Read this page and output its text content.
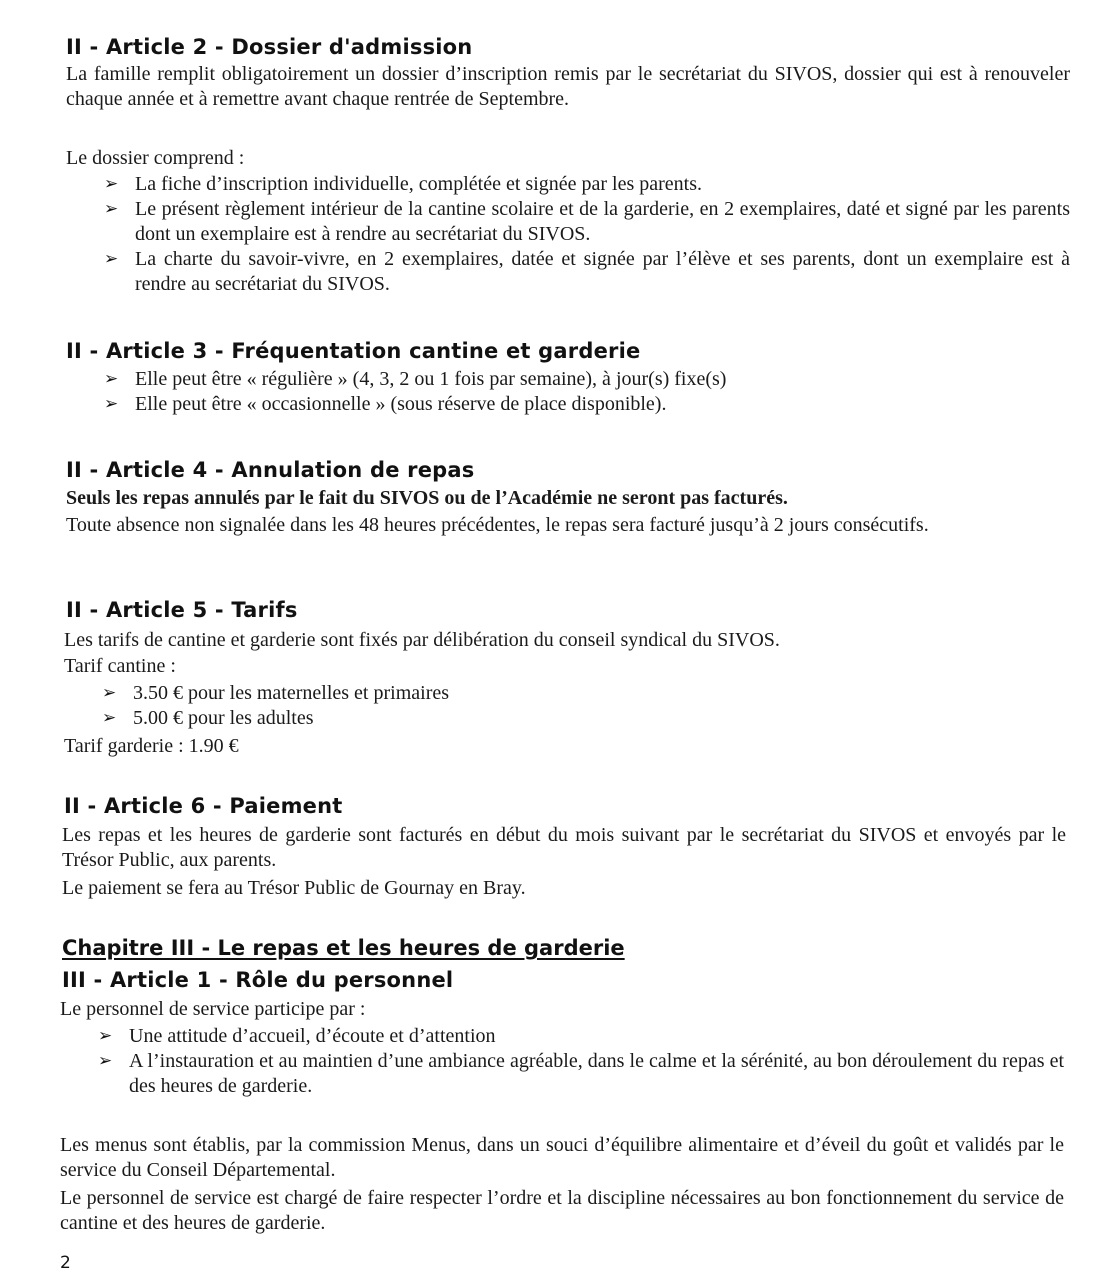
II - Article 2 - Dossier d'admission
La famille remplit obligatoirement un dossier d’inscription remis par le secrétariat du SIVOS, dossier qui est à renouveler chaque année et à remettre avant chaque rentrée de Septembre.
Le dossier comprend :
➢ La fiche d’inscription individuelle, complétée et signée par les parents.
➢ Le présent règlement intérieur de la cantine scolaire et de la garderie, en 2 exemplaires, daté et signé par les parents dont un exemplaire est à rendre au secrétariat du SIVOS.
➢ La charte du savoir-vivre, en 2 exemplaires, datée et signée par l’élève et ses parents, dont un exemplaire est à rendre au secrétariat du SIVOS.
II - Article 3 - Fréquentation cantine et garderie
➢ Elle peut être « régulière » (4, 3, 2 ou 1 fois par semaine), à jour(s) fixe(s)
➢ Elle peut être « occasionnelle » (sous réserve de place disponible).
II - Article 4 - Annulation de repas
Seuls les repas annulés par le fait du SIVOS ou de l’Académie ne seront pas facturés.
Toute absence non signalée dans les 48 heures précédentes, le repas sera facturé jusqu’à 2 jours consécutifs.
II - Article 5 - Tarifs
Les tarifs de cantine et garderie sont fixés par délibération du conseil syndical du SIVOS.
Tarif cantine :
➢ 3.50 € pour les maternelles et primaires
➢ 5.00 € pour les adultes
Tarif garderie : 1.90 €
II - Article 6 - Paiement
Les repas et les heures de garderie sont facturés en début du mois suivant par le secrétariat du SIVOS et envoyés par le Trésor Public, aux parents.
Le paiement se fera au Trésor Public de Gournay en Bray.
Chapitre III - Le repas et les heures de garderie
III - Article 1 - Rôle du personnel
Le personnel de service participe par :
➢ Une attitude d’accueil, d’écoute et d’attention
➢ A l’instauration et au maintien d’une ambiance agréable, dans le calme et la sérénité, au bon déroulement du repas et des heures de garderie.
Les menus sont établis, par la commission Menus, dans un souci d’équilibre alimentaire et d’éveil du goût et validés par le service du Conseil Départemental.
Le personnel de service est chargé de faire respecter l’ordre et la discipline nécessaires au bon fonctionnement du service de cantine et des heures de garderie.
2
